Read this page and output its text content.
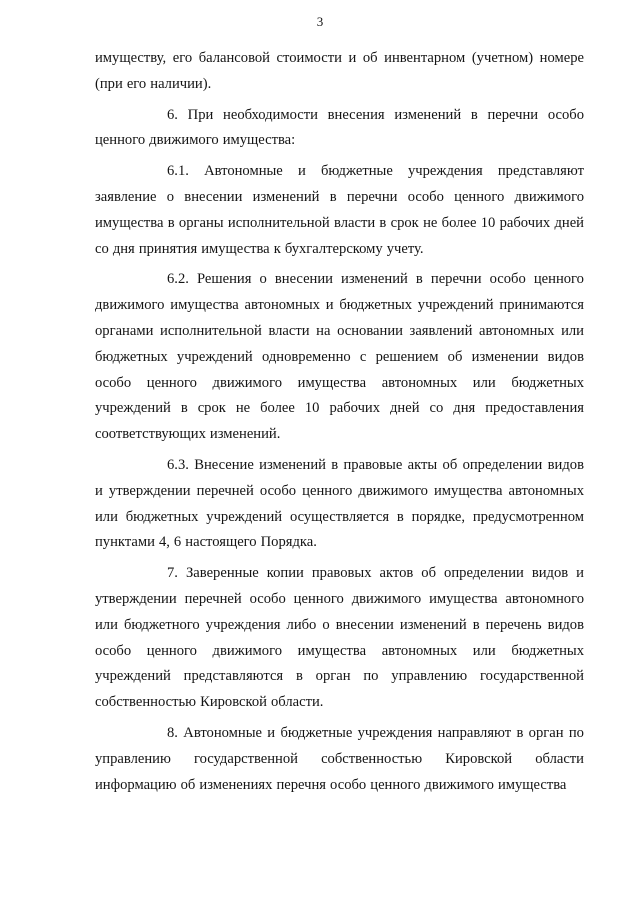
3

имуществу, его балансовой стоимости и об инвентарном (учетном) номере (при его наличии).

6. При необходимости внесения изменений в перечни особо ценного движимого имущества:

6.1. Автономные и бюджетные учреждения представляют заявление о внесении изменений в перечни особо ценного движимого имущества в органы исполнительной власти в срок не более 10 рабочих дней со дня принятия имущества к бухгалтерскому учету.

6.2. Решения о внесении изменений в перечни особо ценного движимого имущества автономных и бюджетных учреждений принимаются органами исполнительной власти на основании заявлений автономных или бюджетных учреждений одновременно с решением об изменении видов особо ценного движимого имущества автономных или бюджетных учреждений в срок не более 10 рабочих дней со дня предоставления соответствующих изменений.

6.3. Внесение изменений в правовые акты об определении видов и утверждении перечней особо ценного движимого имущества автономных или бюджетных учреждений осуществляется в порядке, предусмотренном пунктами 4, 6 настоящего Порядка.

7. Заверенные копии правовых актов об определении видов и утверждении перечней особо ценного движимого имущества автономного или бюджетного учреждения либо о внесении изменений в перечень видов особо ценного движимого имущества автономных или бюджетных учреждений представляются в орган по управлению государственной собственностью Кировской области.

8. Автономные и бюджетные учреждения направляют в орган по управлению государственной собственностью Кировской области информацию об изменениях перечня особо ценного движимого имущества
